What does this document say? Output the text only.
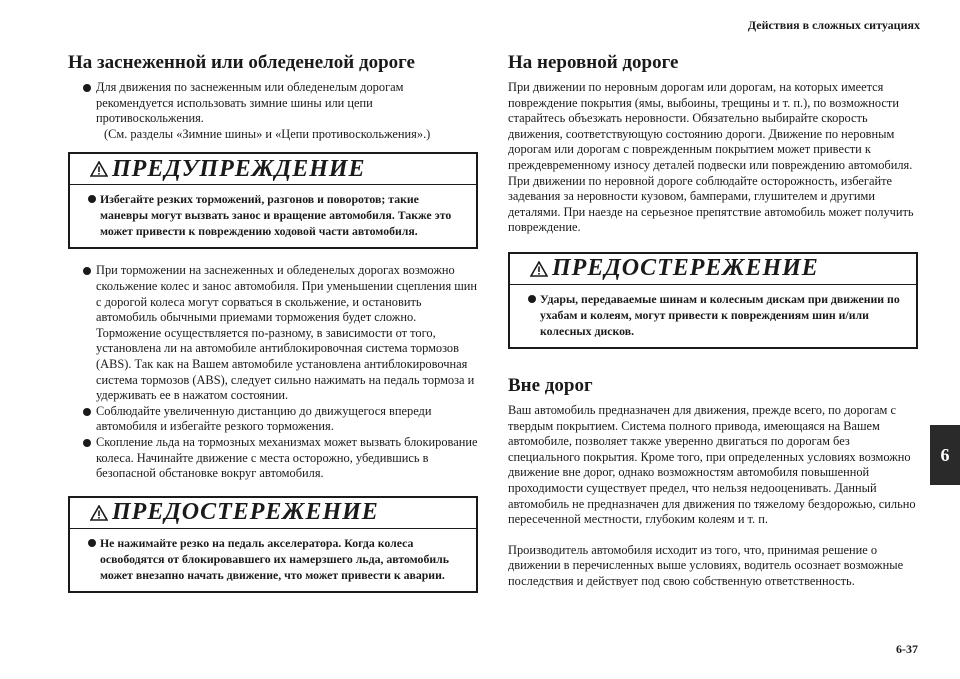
Действия в сложных ситуациях
6
6-37
На заснеженной или обледенелой дороге
Для движения по заснеженным или обледенелым дорогам рекомендуется использовать зимние шины или цепи противоскольжения.
(См. разделы «Зимние шины» и «Цепи противоскольжения».)
ПРЕДУПРЕЖДЕНИЕ
Избегайте резких торможений, разгонов и поворотов; такие маневры могут вызвать занос и вращение автомобиля. Также это может привести к повреждению ходовой части автомобиля.
При торможении на заснеженных и обледенелых дорогах возможно скольжение колес и занос автомобиля. При уменьшении сцепления шин с дорогой колеса могут сорваться в скольжение, и остановить автомобиль обычными приемами торможения будет сложно. Торможение осуществляется по-разному, в зависимости от того, установлена ли на автомобиле антиблокировочная система тормозов (ABS). Так как на Вашем автомобиле установлена антиблокировочная система тормозов (ABS), следует сильно нажимать на педаль тормоза и удерживать ее в нажатом состоянии.
Соблюдайте увеличенную дистанцию до движущегося впереди автомобиля и избегайте резкого торможения.
Скопление льда на тормозных механизмах может вызвать блокирование колеса. Начинайте движение с места осторожно, убедившись в безопасной обстановке вокруг автомобиля.
ПРЕДОСТЕРЕЖЕНИЕ
Не нажимайте резко на педаль акселератора. Когда колеса освободятся от блокировавшего их намерзшего льда, автомобиль может внезапно начать движение, что может привести к аварии.
На неровной дороге

При движении по неровным дорогам или дорогам, на которых имеется повреждение покрытия (ямы, выбоины, трещины и т. п.), по возможности старайтесь объезжать неровности. Обязательно выбирайте скорость движения, соответствующую состоянию дороги. Движение по неровным дорогам или дорогам с поврежденным покрытием может привести к преждевременному износу деталей подвески или повреждению автомобиля. При движении по неровной дороге соблюдайте осторожность, избегайте задевания за неровности кузовом, бамперами, глушителем и другими деталями. При наезде на серьезное препятствие автомобиль может получить повреждение.

ПРЕДОСТЕРЕЖЕНИЕ
Удары, передаваемые шинам и колесным дискам при движении по ухабам и колеям, могут привести к повреждениям шин и/или колесных дисков.
Вне дорог

Ваш автомобиль предназначен для движения, прежде всего, по дорогам с твердым покрытием. Система полного привода, имеющаяся на Вашем автомобиле, позволяет также уверенно двигаться по дорогам без специального покрытия. Кроме того, при определенных условиях возможно движение вне дорог, однако возможностям автомобиля повышенной проходимости существует предел, что нельзя недооценивать. Данный автомобиль не предназначен для движения по тяжелому бездорожью, сильно пересеченной местности, глубоким колеям и т. п.

Производитель автомобиля исходит из того, что, принимая решение о движении в перечисленных выше условиях, водитель осознает возможные последствия и действует под свою собственную ответственность.
